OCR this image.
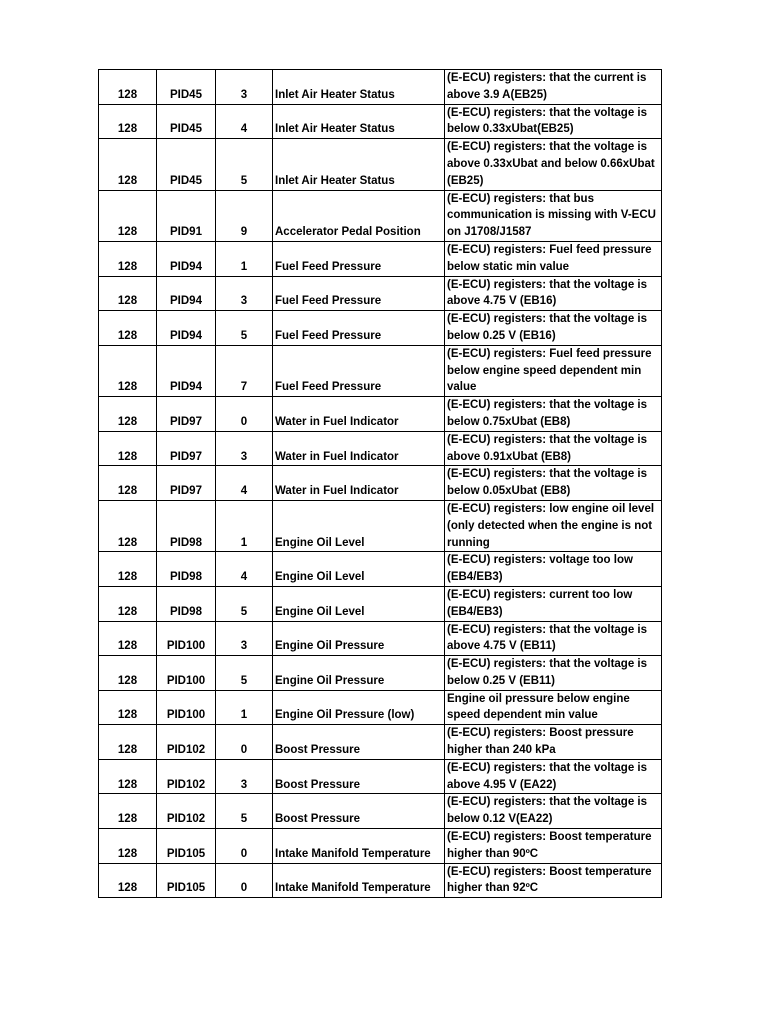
128	PID45	3	Inlet Air Heater Status	(E-ECU) registers: that the current is above 3.9 A(EB25)
128	PID45	4	Inlet Air Heater Status	(E-ECU) registers: that the voltage is below 0.33xUbat(EB25)
128	PID45	5	Inlet Air Heater Status	(E-ECU) registers: that the voltage is above 0.33xUbat and below 0.66xUbat (EB25)
128	PID91	9	Accelerator Pedal Position	(E-ECU) registers: that bus communication is missing with V-ECU on J1708/J1587
128	PID94	1	Fuel Feed Pressure	(E-ECU) registers: Fuel feed pressure below static min value
128	PID94	3	Fuel Feed Pressure	(E-ECU) registers: that the voltage is above 4.75 V (EB16)
128	PID94	5	Fuel Feed Pressure	(E-ECU) registers: that the voltage is below 0.25 V (EB16)
128	PID94	7	Fuel Feed Pressure	(E-ECU) registers: Fuel feed pressure below engine speed dependent min value
128	PID97	0	Water in Fuel Indicator	(E-ECU) registers: that the voltage is below 0.75xUbat (EB8)
128	PID97	3	Water in Fuel Indicator	(E-ECU) registers: that the voltage is above 0.91xUbat (EB8)
128	PID97	4	Water in Fuel Indicator	(E-ECU) registers: that the voltage is below 0.05xUbat (EB8)
128	PID98	1	Engine Oil Level	(E-ECU) registers: low engine oil level (only detected when the engine is not running
128	PID98	4	Engine Oil Level	(E-ECU) registers: voltage too low (EB4/EB3)
128	PID98	5	Engine Oil Level	(E-ECU) registers: current too low (EB4/EB3)
128	PID100	3	Engine Oil Pressure	(E-ECU) registers: that the voltage is above 4.75 V (EB11)
128	PID100	5	Engine Oil Pressure	(E-ECU) registers: that the voltage is below 0.25 V (EB11)
128	PID100	1	Engine Oil Pressure (low)	Engine oil pressure below engine speed dependent min value
128	PID102	0	Boost Pressure	(E-ECU) registers: Boost pressure higher than 240 kPa
128	PID102	3	Boost Pressure	(E-ECU) registers: that the voltage is above 4.95 V (EA22)
128	PID102	5	Boost Pressure	(E-ECU) registers: that the voltage is below 0.12 V(EA22)
128	PID105	0	Intake Manifold Temperature	(E-ECU) registers: Boost temperature higher than 90ºC
128	PID105	0	Intake Manifold Temperature	(E-ECU) registers: Boost temperature higher than 92ºC
